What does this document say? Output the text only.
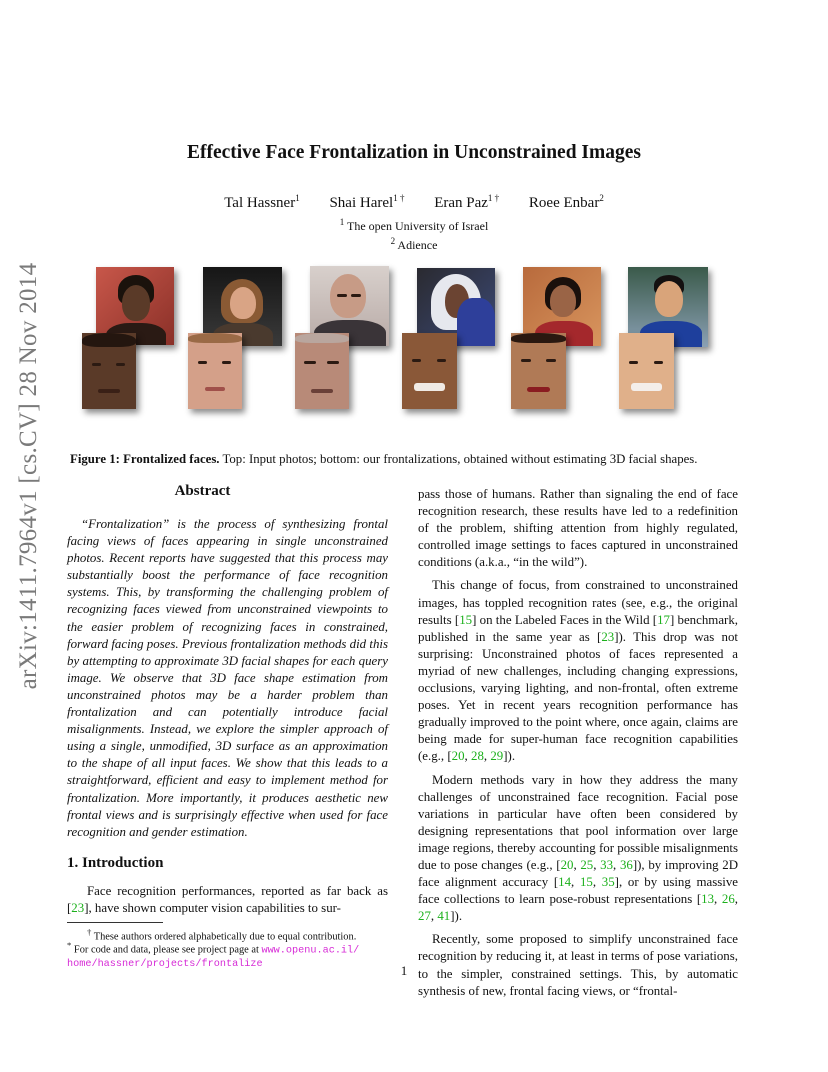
arXiv:1411.7964v1 [cs.CV] 28 Nov 2014
Effective Face Frontalization in Unconstrained Images
Tal Hassner$^1$ Shai Harel$^{1 \dagger}$ Eran Paz$^{1 \dagger}$ Roee Enbar$^2$
$^1$ The open University of Israel
$^2$ Adience
Figure 1: Frontalized faces. Top: Input photos; bottom: our frontalizations, obtained without estimating 3D facial shapes.
Abstract
“Frontalization” is the process of synthesizing frontal facing views of faces appearing in single unconstrained photos. Recent reports have suggested that this process may substantially boost the performance of face recognition systems. This, by transforming the challenging problem of recognizing faces viewed from unconstrained viewpoints to the easier problem of recognizing faces in constrained, forward facing poses. Previous frontalization methods did this by attempting to approximate 3D facial shapes for each query image. We observe that 3D face shape estimation from unconstrained photos may be a harder problem than frontalization and can potentially introduce facial misalignments. Instead, we explore the simpler approach of using a single, unmodified, 3D surface as an approximation to the shape of all input faces. We show that this leads to a straightforward, efficient and easy to implement method for frontalization. More importantly, it produces aesthetic new frontal views and is surprisingly effective when used for face recognition and gender estimation.
1. Introduction
Face recognition performances, reported as far back as [23], have shown computer vision capabilities to sur-
† These authors ordered alphabetically due to equal contribution.
* For code and data, please see project page at www.openu.ac.il/
home/hassner/projects/frontalize

pass those of humans. Rather than signaling the end of face recognition research, these results have led to a redefinition of the problem, shifting attention from highly regulated, controlled image settings to faces captured in unconstrained conditions (a.k.a., “in the wild”).

This change of focus, from constrained to unconstrained images, has toppled recognition rates (see, e.g., the original results [15] on the Labeled Faces in the Wild [17] benchmark, published in the same year as [23]). This drop was not surprising: Unconstrained photos of faces represented a myriad of new challenges, including changing expressions, occlusions, varying lighting, and non-frontal, often extreme poses. Yet in recent years recognition performance has gradually improved to the point where, once again, claims are being made for super-human face recognition capabilities (e.g., [20, 28, 29]).

Modern methods vary in how they address the many challenges of unconstrained face recognition. Facial pose variations in particular have often been considered by designing representations that pool information over large image regions, thereby accounting for possible misalignments due to pose changes (e.g., [20, 25, 33, 36]), by improving 2D face alignment accuracy [14, 15, 35], or by using massive face collections to learn pose-robust representations [13, 26, 27, 41]).

Recently, some proposed to simplify unconstrained face recognition by reducing it, at least in terms of pose variations, to the simpler, constrained settings. This, by automatic synthesis of new, frontal facing views, or “frontal-

1
